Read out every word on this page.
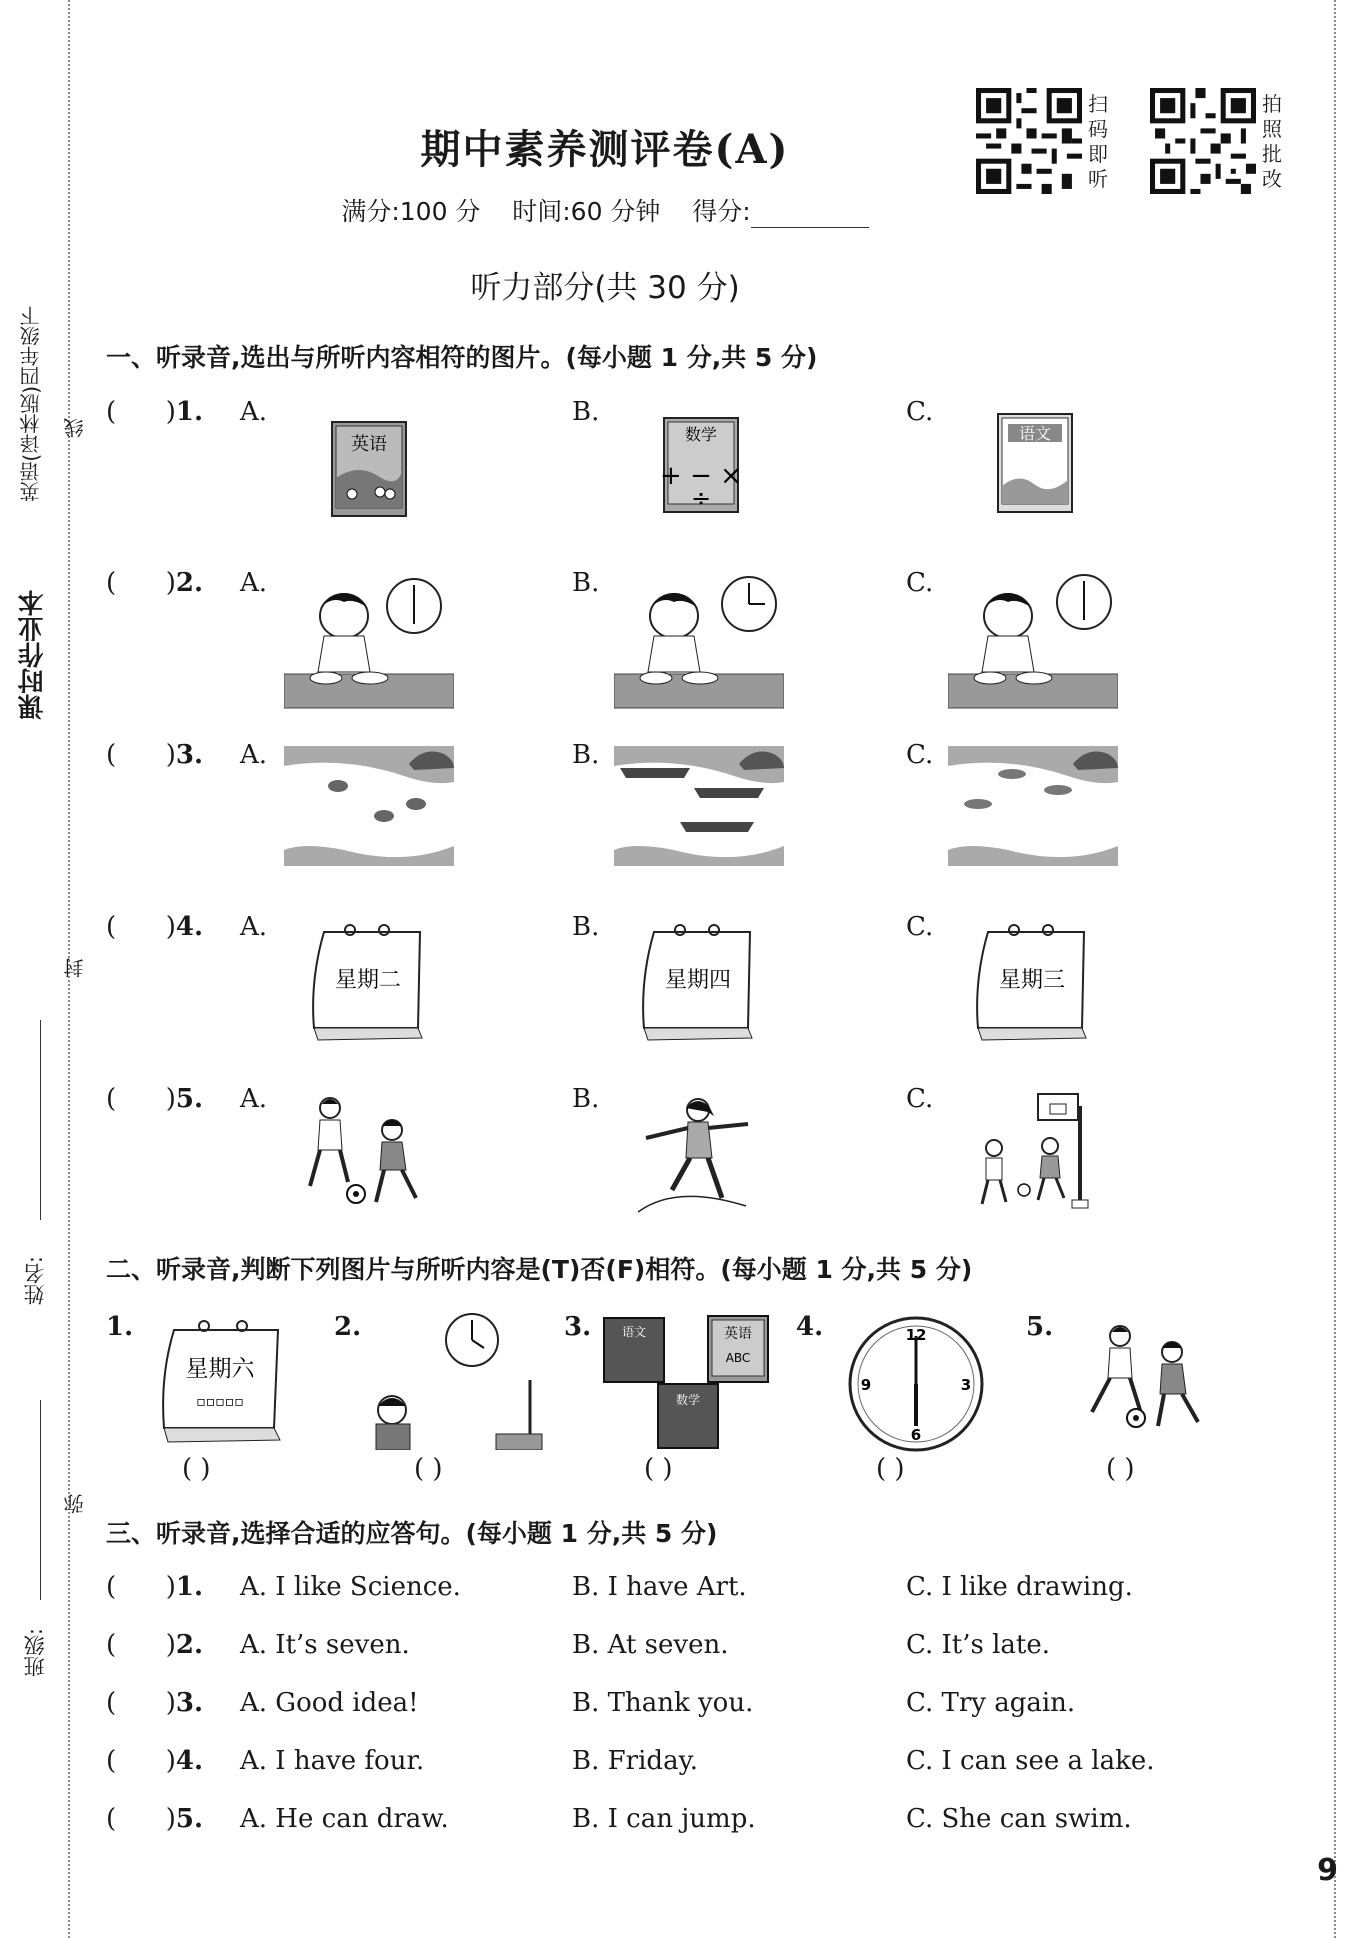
课时作业本
英语(译林版)四年级下 线
封
弥
姓名:
班级:
期中素养测评卷(A)
满分:100 分 时间:60 分钟 得分:
扫
码
即
听
拍
照
批
改
听力部分(共 30 分)
一、听录音,选出与所听内容相符的图片。(每小题 1 分,共 5 分)
(      )1. A.	B.	C.
英语	数学
+ − ×
÷
语文
(      )2. A.	B.	C.
(      )3. A.	B.	C.
(      )4. A.	B.	C.
星期二	星期四	星期三
(      )5. A.	B.	C.
二、听录音,判断下列图片与所听内容是(T)否(F)相符。(每小题 1 分,共 5 分)
1.
星期六
▫▫▫▫▫
( )
2.
( )
3.	语文	英语
ABC
数学
( )
4.	12
3
6
9
( )
5.
( )
三、听录音,选择合适的应答句。(每小题 1 分,共 5 分)
(      )1. A. I like Science.	B. I have Art.	C. I like drawing.
(      )2. A. It’s seven.	B. At seven.	C. It’s late.
(      )3. A. Good idea!	B. Thank you.	C. Try again.
(      )4. A. I have four.	B. Friday.	C. I can see a lake.
(      )5. A. He can draw.	B. I can jump.	C. She can swim.
9
